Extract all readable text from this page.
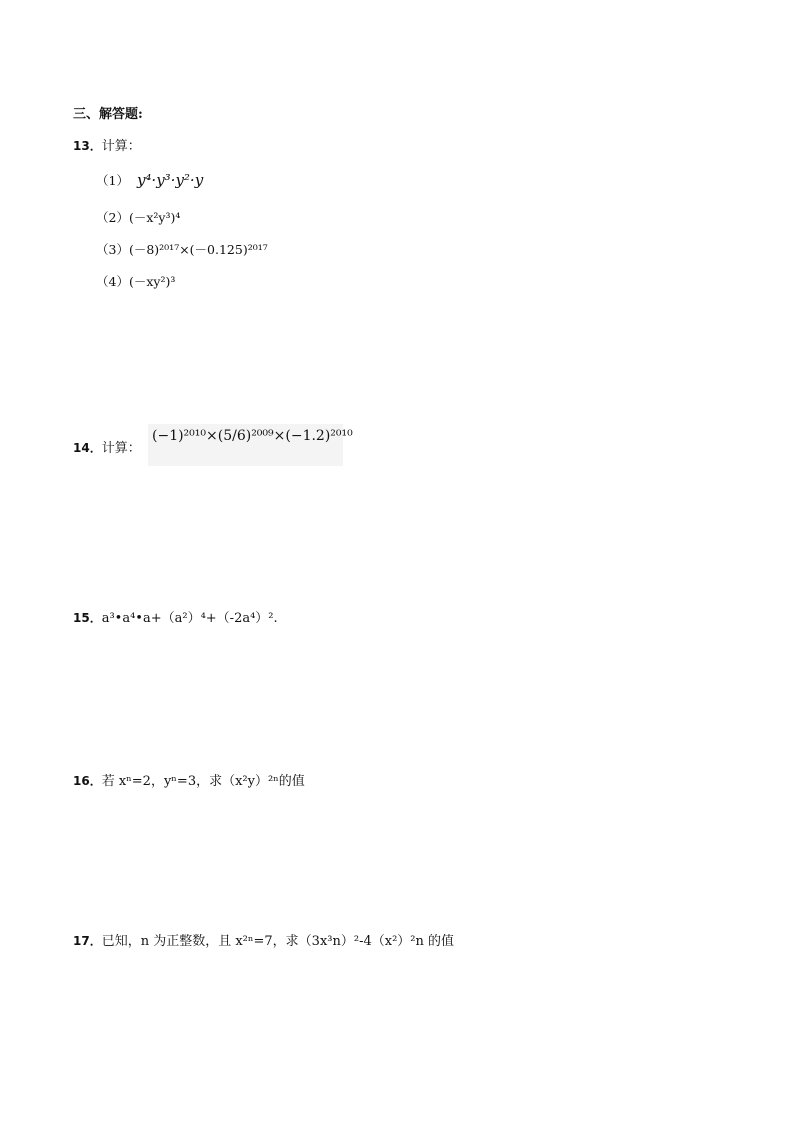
三、解答题:
13．计算：
（1） y⁴·y³·y²·y
（2）(－x²y³)⁴
（3）(－8)²⁰¹⁷×(－0.125)²⁰¹⁷
（4）(－xy²)³
14．计算：
(−1)²⁰¹⁰×(5/6)²⁰⁰⁹×(−1.2)²⁰¹⁰
15．a³•a⁴•a+（a²）⁴+（-2a⁴）².
16．若 xⁿ=2，yⁿ=3，求（x²y）²ⁿ的值
17．已知，n 为正整数，且 x²ⁿ=7，求（3x³n）²-4（x²）²n 的值
